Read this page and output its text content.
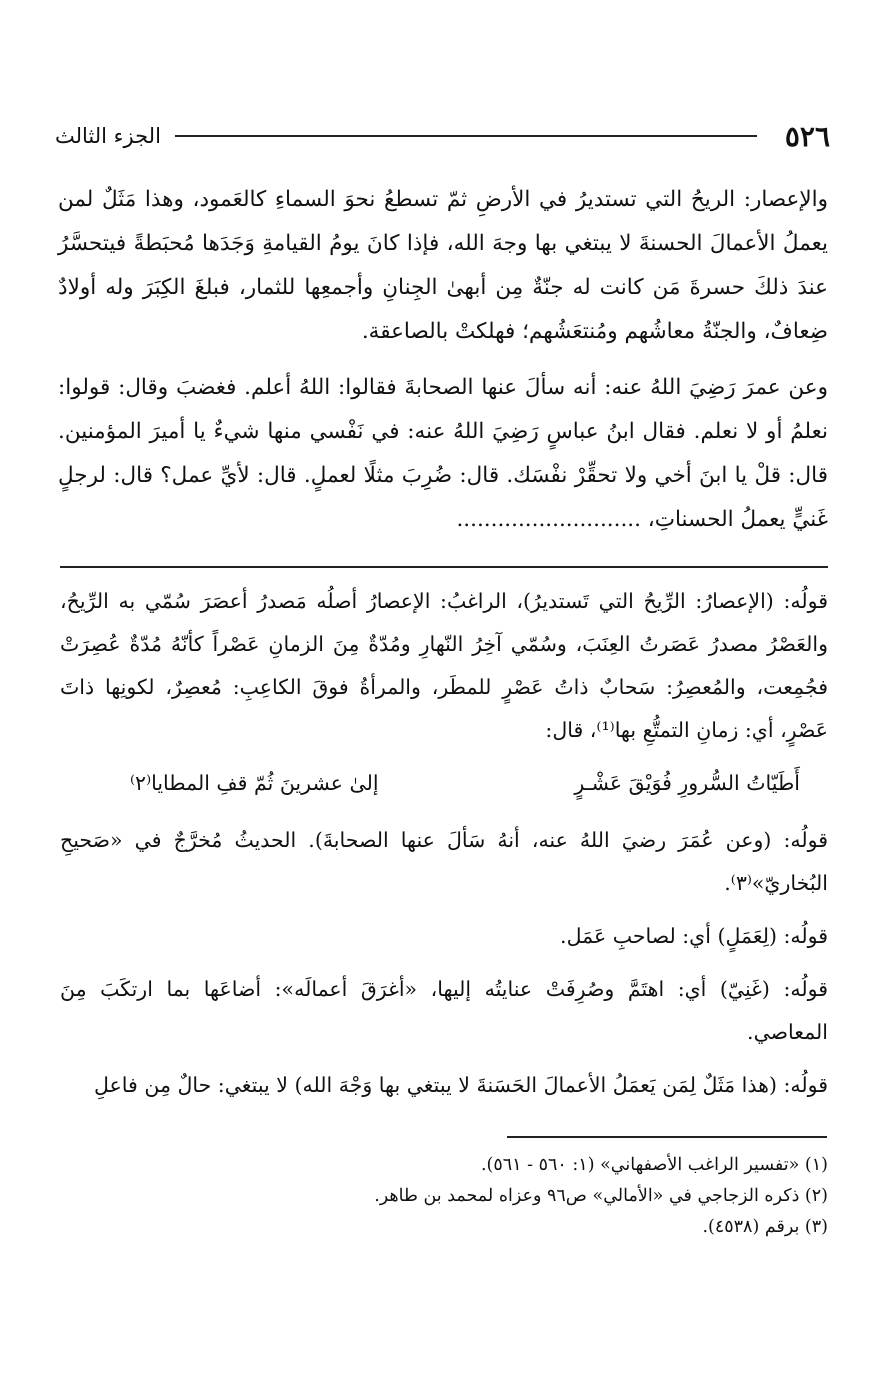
٥٢٦
الجزء الثالث

والإعصار: الريحُ التي تستديرُ في الأرضِ ثمّ تسطعُ نحوَ السماءِ كالعَمود، وهذا مَثَلٌ لمن يعملُ الأعمالَ الحسنةَ لا يبتغي بها وجهَ الله، فإذا كانَ يومُ القيامةِ وَجَدَها مُحبَطةً فيتحسَّرُ عندَ ذلكَ حسرةَ مَن كانت له جنّةٌ مِن أبهىٰ الجِنانِ وأجمعِها للثمار، فبلغَ الكِبَرَ وله أولادٌ ضِعافٌ، والجنّةُ معاشُهم ومُنتعَشُهم؛ فهلكتْ بالصاعقة.

وعن عمرَ رَضِيَ اللهُ عنه: أنه سألَ عنها الصحابةَ فقالوا: اللهُ أعلم. فغضبَ وقال: قولوا: نعلمُ أو لا نعلم. فقال ابنُ عباسٍ رَضِيَ اللهُ عنه: في نَفْسي منها شيءٌ يا أميرَ المؤمنين. قال: قلْ يا ابنَ أخي ولا تحقِّرْ نفْسَك. قال: ضُرِبَ مثلًا لعملٍ. قال: لأيِّ عمل؟ قال: لرجلٍ غَنيٍّ يعملُ الحسناتِ، ...........................

قولُه: (الإعصارُ: الرِّيحُ التي تَستديرُ)، الراغبُ: الإعصارُ أصلُه مَصدرُ أعصَرَ سُمّي به الرِّيحُ، والعَصْرُ مصدرُ عَصَرتُ العِنَبَ، وسُمّي آخِرُ النّهارِ ومُدّةٌ مِنَ الزمانِ عَصْراً كأنّهُ مُدّةٌ عُصِرَتْ فجُمِعت، والمُعصِرُ: سَحابٌ ذاتُ عَصْرٍ للمطَر، والمرأةُ فوقَ الكاعِبِ: مُعصِرٌ، لكونِها ذاتَ عَصْرٍ، أي: زمانِ التمتُّعِ بها⁽¹⁾، قال:

أَطَيّاتُ السُّرورِ فُوَيْقَ عَشْـرٍ
إلىٰ عشرينَ ثُمّ قفِ المطايا⁽٢⁾

قولُه: (وعن عُمَرَ رضيَ اللهُ عنه، أنهُ سَألَ عنها الصحابةَ). الحديثُ مُخرَّجٌ في «صَحيحِ البُخاريّ»⁽٣⁾.

قولُه: (لِعَمَلٍ) أي: لصاحبِ عَمَل.

قولُه: (غَنِيّ) أي: اهتَمَّ وصُرِفَتْ عنايتُه إليها، «أغرَقَ أعمالَه»: أضاعَها بما ارتكَبَ مِنَ المعاصي.

قولُه: (هذا مَثَلٌ لِمَن يَعمَلُ الأعمالَ الحَسَنةَ لا يبتغي بها وَجْهَ الله) لا يبتغي: حالٌ مِن فاعلِ

(١) «تفسير الراغب الأصفهاني» (١: ٥٦٠ - ٥٦١).

(٢) ذكره الزجاجي في «الأمالي» ص٩٦ وعزاه لمحمد بن طاهر.

(٣) برقم (٤٥٣٨).
